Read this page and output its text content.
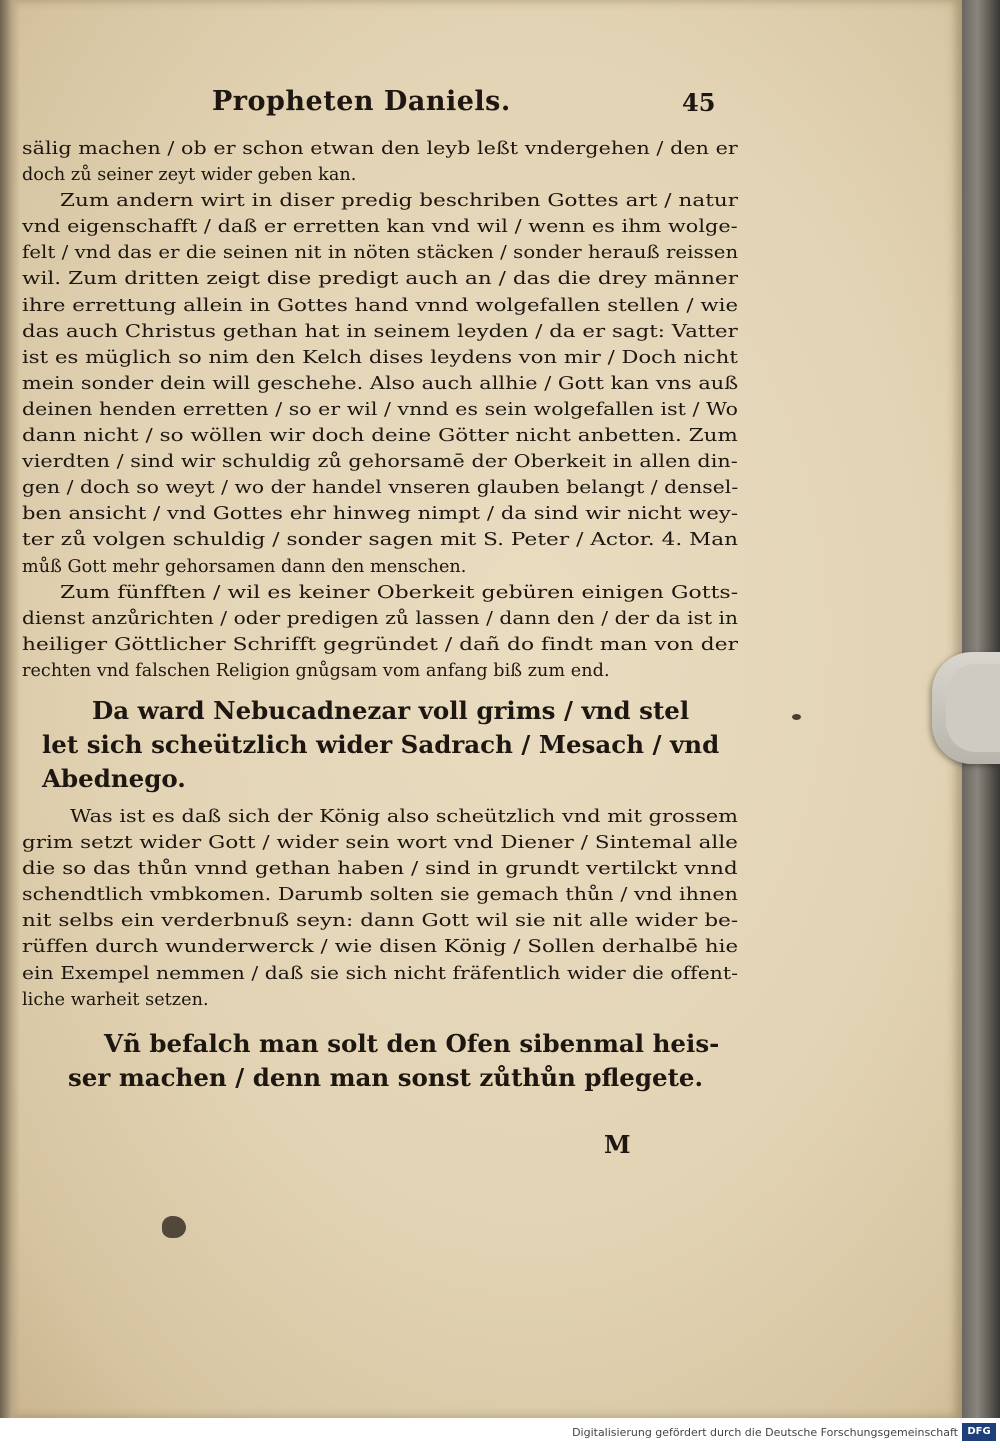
Propheten Daniels.	45

sälig machen / ob er schon etwan den leyb leßt vndergehen / den er
doch zů seiner zeyt wider geben kan.

Zum andern wirt in diser predig beschriben Gottes art / natur
vnd eigenschafft / daß er erretten kan vnd wil / wenn es ihm wolge-
felt / vnd das er die seinen nit in nöten stäcken / sonder herauß reissen
wil. Zum dritten zeigt dise predigt auch an / das die drey männer
ihre errettung allein in Gottes hand vnnd wolgefallen stellen / wie
das auch Christus gethan hat in seinem leyden / da er sagt: Vatter
ist es müglich so nim den Kelch dises leydens von mir / Doch nicht
mein sonder dein will geschehe. Also auch allhie / Gott kan vns auß
deinen henden erretten / so er wil / vnnd es sein wolgefallen ist / Wo
dann nicht / so wöllen wir doch deine Götter nicht anbetten. Zum
vierdten / sind wir schuldig zů gehorsamē der Oberkeit in allen din-
gen / doch so weyt / wo der handel vnseren glauben belangt / densel-
ben ansicht / vnd Gottes ehr hinweg nimpt / da sind wir nicht wey-
ter zů volgen schuldig / sonder sagen mit S. Peter / Actor. 4. Man
můß Gott mehr gehorsamen dann den menschen.

Zum fünfften / wil es keiner Oberkeit gebüren einigen Gotts-
dienst anzůrichten / oder predigen zů lassen / dann den / der da ist in
heiliger Göttlicher Schrifft gegründet / dañ do findt man von der
rechten vnd falschen Religion gnůgsam vom anfang biß zum end.

Da ward Nebucadnezar voll grims / vnd stel
let sich scheützlich wider Sadrach / Mesach / vnd
Abednego.

Was ist es daß sich der König also scheützlich vnd mit grossem
grim setzt wider Gott / wider sein wort vnd Diener / Sintemal alle
die so das thůn vnnd gethan haben / sind in grundt vertilckt vnnd
schendtlich vmbkomen. Darumb solten sie gemach thůn / vnd ihnen
nit selbs ein verderbnuß seyn: dann Gott wil sie nit alle wider be-
rüffen durch wunderwerck / wie disen König / Sollen derhalbē hie
ein Exempel nemmen / daß sie sich nicht fräfentlich wider die offent-
liche warheit setzen.

Vñ befalch man solt den Ofen sibenmal heis-
ser machen / denn man sonst zůthůn pflegete.
M
Digitalisierung gefördert durch die Deutsche Forschungsgemeinschaft DFG
